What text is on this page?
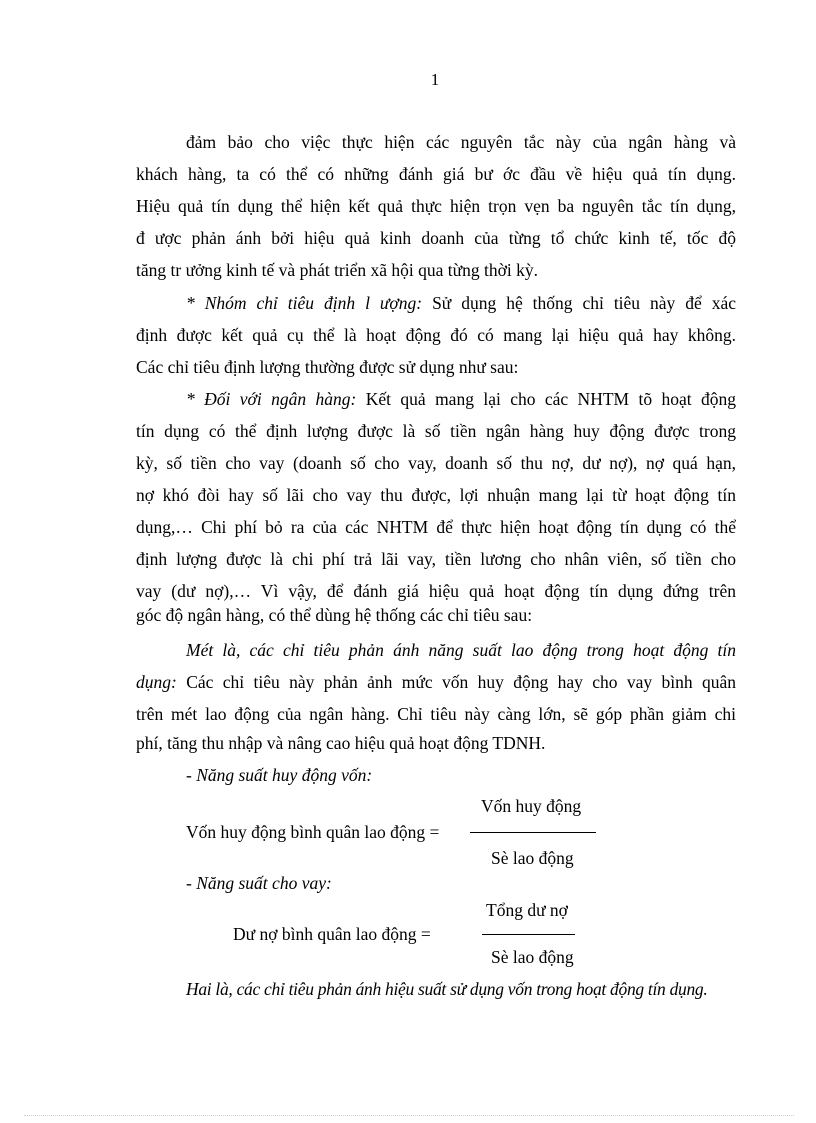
1
đảm bảo cho việc thực hiện các nguyên tắc này của ngân hàng và
khách hàng, ta có thể có những đánh giá bư ớc đầu về hiệu quả tín dụng.
Hiệu quả tín dụng thể hiện kết quả thực hiện trọn vẹn ba nguyên tắc tín dụng,
đ ược phản ánh bởi hiệu quả kinh doanh của từng tổ chức kinh tế, tốc độ
tăng tr ưởng kinh tế và phát triển xã hội qua từng thời kỳ.
* Nhóm chỉ tiêu định l ượng: Sử dụng hệ thống chỉ tiêu này để xác
định được kết quả cụ thể là hoạt động đó có mang lại hiệu quả hay không.
Các chỉ tiêu định lượng thường được sử dụng như sau:
* Đối với ngân hàng: Kết quả mang lại cho các NHTM tõ hoạt động
tín dụng có thể định lượng được là số tiền ngân hàng huy động được trong
kỳ, số tiền cho vay (doanh số cho vay, doanh số thu nợ, dư nợ), nợ quá hạn,
nợ khó đòi hay số lãi cho vay thu được, lợi nhuận mang lại từ hoạt động tín
dụng,… Chi phí bỏ ra của các NHTM để thực hiện hoạt động tín dụng có thể
định lượng được là chi phí trả lãi vay, tiền lương cho nhân viên, số tiền cho
vay (dư nợ),… Vì vậy, để đánh giá hiệu quả hoạt động tín dụng đứng trên
góc độ ngân hàng, có thể dùng hệ thống các chỉ tiêu sau:
Mét là, các chỉ tiêu phản ánh năng suất lao động trong hoạt động tín
dụng: Các chỉ tiêu này phản ảnh mức vốn huy động hay cho vay bình quân
trên mét lao động của ngân hàng. Chỉ tiêu này càng lớn, sẽ góp phần giảm chi
phí, tăng thu nhập và nâng cao hiệu quả hoạt động TDNH.
- Năng suất huy động vốn:
Vốn huy động
Vốn huy động bình quân lao động =
Sè lao động
- Năng suất cho vay:
Tổng dư nợ
Dư nợ bình quân lao động =
Sè lao động
Hai là, các chỉ tiêu phản ánh hiệu suất sử dụng vốn trong hoạt động tín dụng.
